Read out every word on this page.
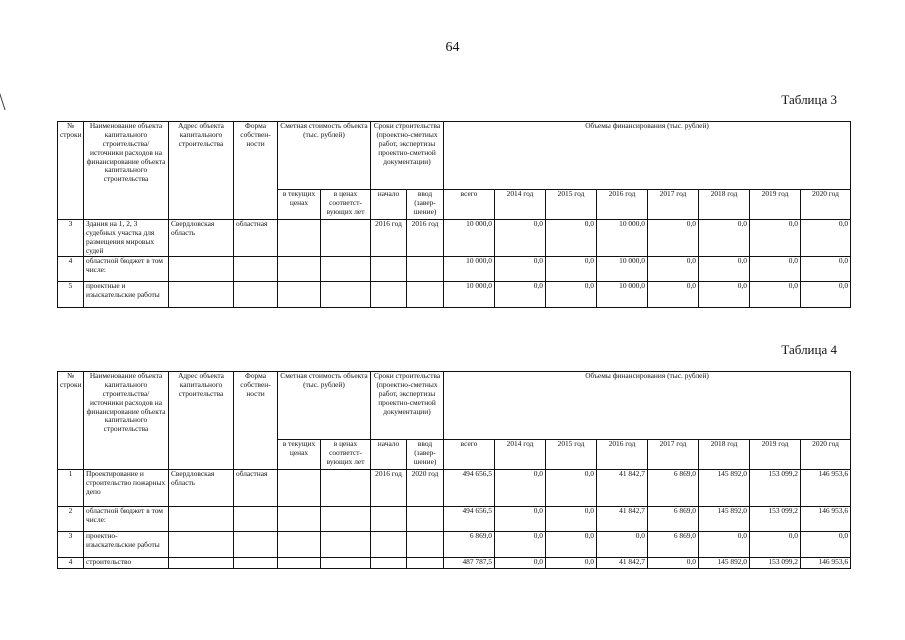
64
Таблица 3
№ строки	Наименование объекта капитального строительства/ источники расходов на финансирование объекта капитального строительства	Адрес объекта капитального строительства	Форма собствен-ности	Сметная стоимость объекта (тыс. рублей)		Сроки строительства (проектно-сметных работ, экспертизы проектно-сметной документации)		Объемы финансирования (тыс. рублей)							
				в текущих ценах	в ценах соответст-вующих лет	начало	ввод (завер-шение)	всего	2014 год	2015 год	2016 год	2017 год	2018 год	2019 год	2020 год
3	Здания на 1, 2, 3 судебных участка для размещения мировых судей	Свердловская область	областная			2016 год	2016 год	10 000,0	0,0	0,0	10 000,0	0,0	0,0	0,0	0,0
4	областной бюджет в том числе:							10 000,0	0,0	0,0	10 000,0	0,0	0,0	0,0	0,0
5	проектные и изыскательские работы							10 000,0	0,0	0,0	10 000,0	0,0	0,0	0,0	0,0
Таблица 4
№ строки	Наименование объекта капитального строительства/ источники расходов на финансирование объекта капитального строительства	Адрес объекта капитального строительства	Форма собствен-ности	Сметная стоимость объекта (тыс. рублей)		Сроки строительства (проектно-сметных работ, экспертизы проектно-сметной документации)		Объемы финансирования (тыс. рублей)							
				в текущих ценах	в ценах соответст-вующих лет	начало	ввод (завер-шение)	всего	2014 год	2015 год	2016 год	2017 год	2018 год	2019 год	2020 год
1	Проектирование и строительство пожарных депо	Свердловская область	областная			2016 год	2020 год	494 656,5	0,0	0,0	41 842,7	6 869,0	145 892,0	153 099,2	146 953,6
2	областной бюджет в том числе:							494 656,5	0,0	0,0	41 842,7	6 869,0	145 892,0	153 099,2	146 953,6
3	проектно-изыскательские работы							6 869,0	0,0	0,0	0,0	6 869,0	0,0	0,0	0,0
4	строительство							487 787,5	0,0	0,0	41 842,7	0,0	145 892,0	153 099,2	146 953,6
